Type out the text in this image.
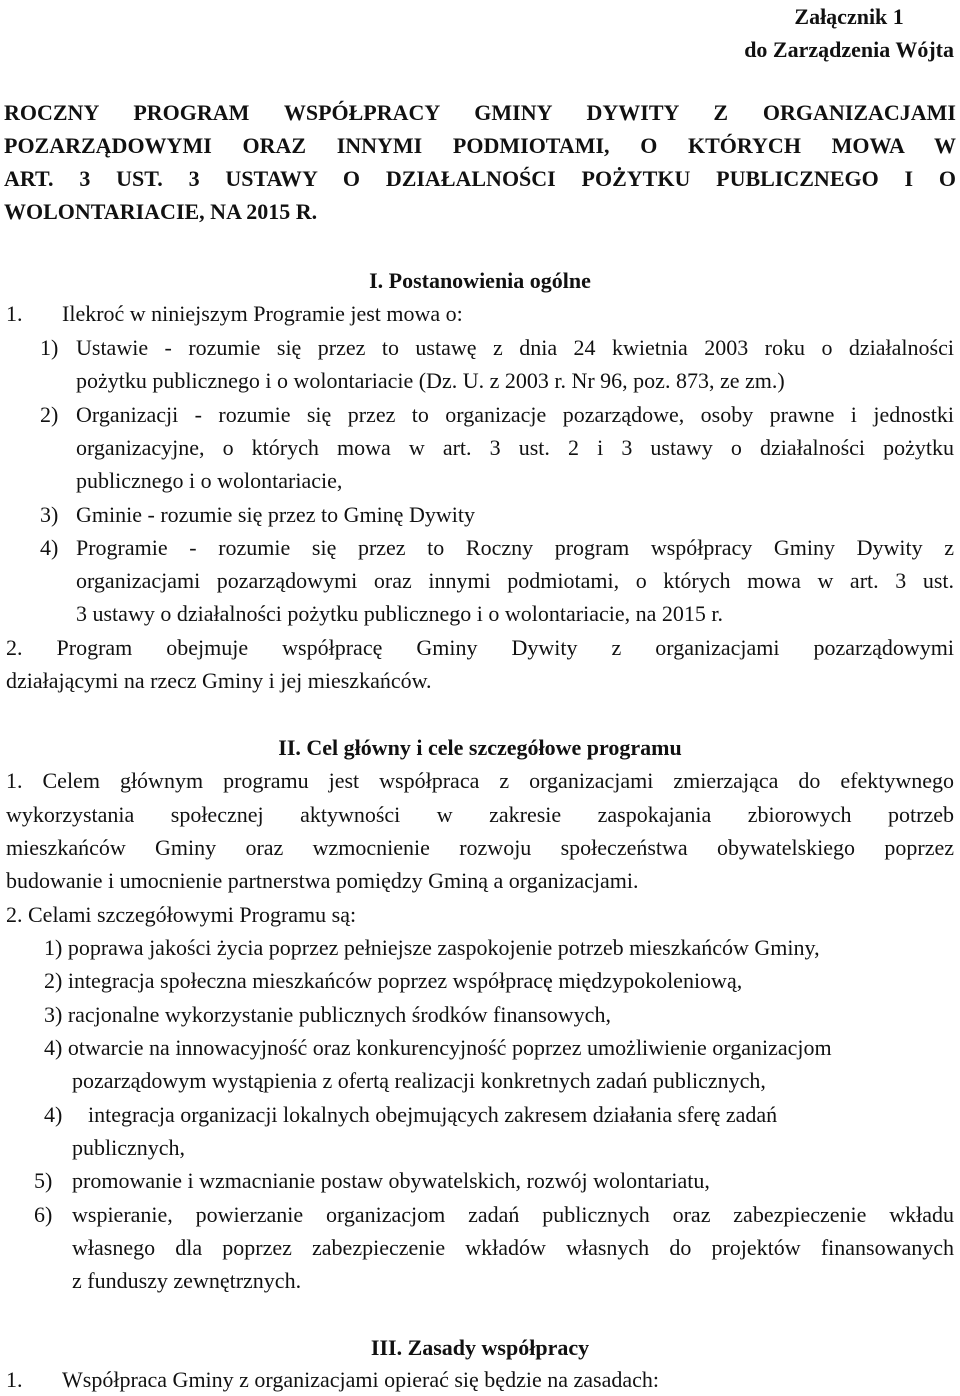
Załącznik 1
do Zarządzenia Wójta
ROCZNY PROGRAM WSPÓŁPRACY GMINY DYWITY Z ORGANIZACJAMI
POZARZĄDOWYMI ORAZ INNYMI PODMIOTAMI, O KTÓRYCH MOWA W
ART. 3 UST. 3 USTAWY O DZIAŁALNOŚCI POŻYTKU PUBLICZNEGO I O
WOLONTARIACIE, NA 2015 R.
I. Postanowienia ogólne
1. Ilekroć w niniejszym Programie jest mowa o:
1) Ustawie - rozumie się przez to ustawę z dnia 24 kwietnia 2003 roku o działalności
pożytku publicznego i o wolontariacie (Dz. U. z 2003 r. Nr 96, poz. 873, ze zm.)
2) Organizacji - rozumie się przez to organizacje pozarządowe, osoby prawne i jednostki
organizacyjne, o których mowa w art. 3 ust. 2 i 3 ustawy o działalności pożytku
publicznego i o wolontariacie,
3) Gminie - rozumie się przez to Gminę Dywity
4) Programie - rozumie się przez to Roczny program współpracy Gminy Dywity z
organizacjami pozarządowymi oraz innymi podmiotami, o których mowa w art. 3 ust.
3 ustawy o działalności pożytku publicznego i o wolontariacie, na 2015 r.
2. Program obejmuje współpracę Gminy Dywity z organizacjami pozarządowymi
działającymi na rzecz Gminy i jej mieszkańców.
II. Cel główny i cele szczegółowe programu
1. Celem głównym programu jest współpraca z organizacjami zmierzająca do efektywnego
wykorzystania społecznej aktywności w zakresie zaspokajania zbiorowych potrzeb
mieszkańców Gminy oraz wzmocnienie rozwoju społeczeństwa obywatelskiego poprzez
budowanie i umocnienie partnerstwa pomiędzy Gminą a organizacjami.
2. Celami szczegółowymi Programu są:
1) poprawa jakości życia poprzez pełniejsze zaspokojenie potrzeb mieszkańców Gminy,
2) integracja społeczna mieszkańców poprzez współpracę międzypokoleniową,
3) racjonalne wykorzystanie publicznych środków finansowych,
4) otwarcie na innowacyjność oraz konkurencyjność poprzez umożliwienie organizacjom
pozarządowym wystąpienia z ofertą realizacji konkretnych zadań publicznych,
4) integracja organizacji lokalnych obejmujących zakresem działania sferę zadań
publicznych,
5) promowanie i wzmacnianie postaw obywatelskich, rozwój wolontariatu,
6) wspieranie, powierzanie organizacjom zadań publicznych oraz zabezpieczenie wkładu
własnego dla poprzez zabezpieczenie wkładów własnych do projektów finansowanych
z funduszy zewnętrznych.
III. Zasady współpracy
1. Współpraca Gminy z organizacjami opierać się będzie na zasadach:
